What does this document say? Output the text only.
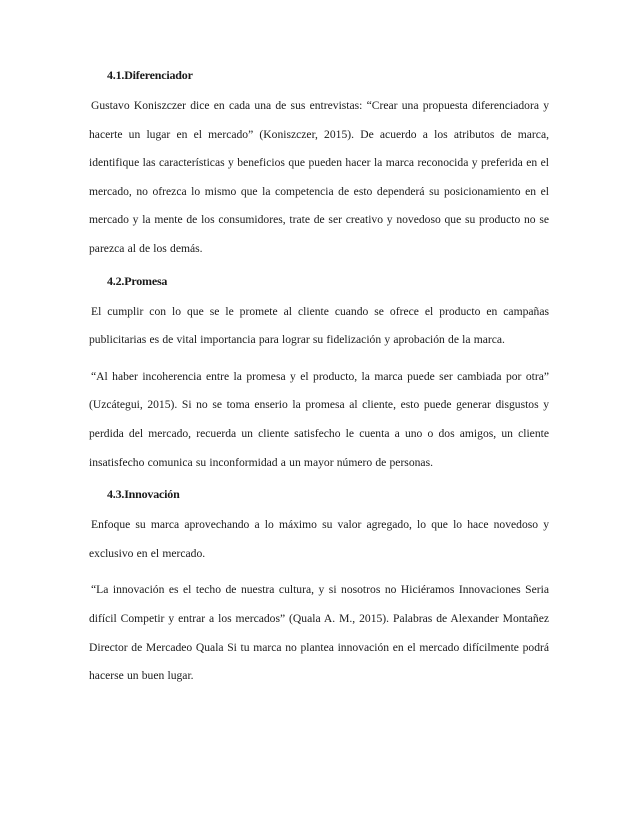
4.1.Diferenciador

Gustavo Koniszczer dice en cada una de sus entrevistas: “Crear una propuesta diferenciadora y hacerte un lugar en el mercado” (Koniszczer, 2015). De acuerdo a los atributos de marca, identifique las características y beneficios que pueden hacer la marca reconocida y preferida en el mercado, no ofrezca lo mismo que la competencia de esto dependerá su posicionamiento en el mercado y la mente de los consumidores, trate de ser creativo y novedoso que su producto no se parezca al de los demás.

4.2.Promesa

El cumplir con lo que se le promete al cliente cuando se ofrece el producto en campañas publicitarias es de vital importancia para lograr su fidelización y aprobación de la marca.

“Al haber incoherencia entre la promesa y el producto, la marca puede ser cambiada por otra” (Uzcátegui, 2015). Si no se toma enserio la promesa al cliente, esto puede generar disgustos y perdida del mercado, recuerda un cliente satisfecho le cuenta a uno o dos amigos, un cliente insatisfecho comunica su inconformidad a un mayor número de personas.

4.3.Innovación

Enfoque su marca aprovechando a lo máximo su valor agregado, lo que lo hace novedoso y exclusivo en el mercado.

“La innovación es el techo de nuestra cultura, y si nosotros no Hiciéramos Innovaciones Seria difícil Competir y entrar a los mercados” (Quala A. M., 2015). Palabras de Alexander Montañez Director de Mercadeo Quala Si tu marca no plantea innovación en el mercado difícilmente podrá hacerse un buen lugar.
